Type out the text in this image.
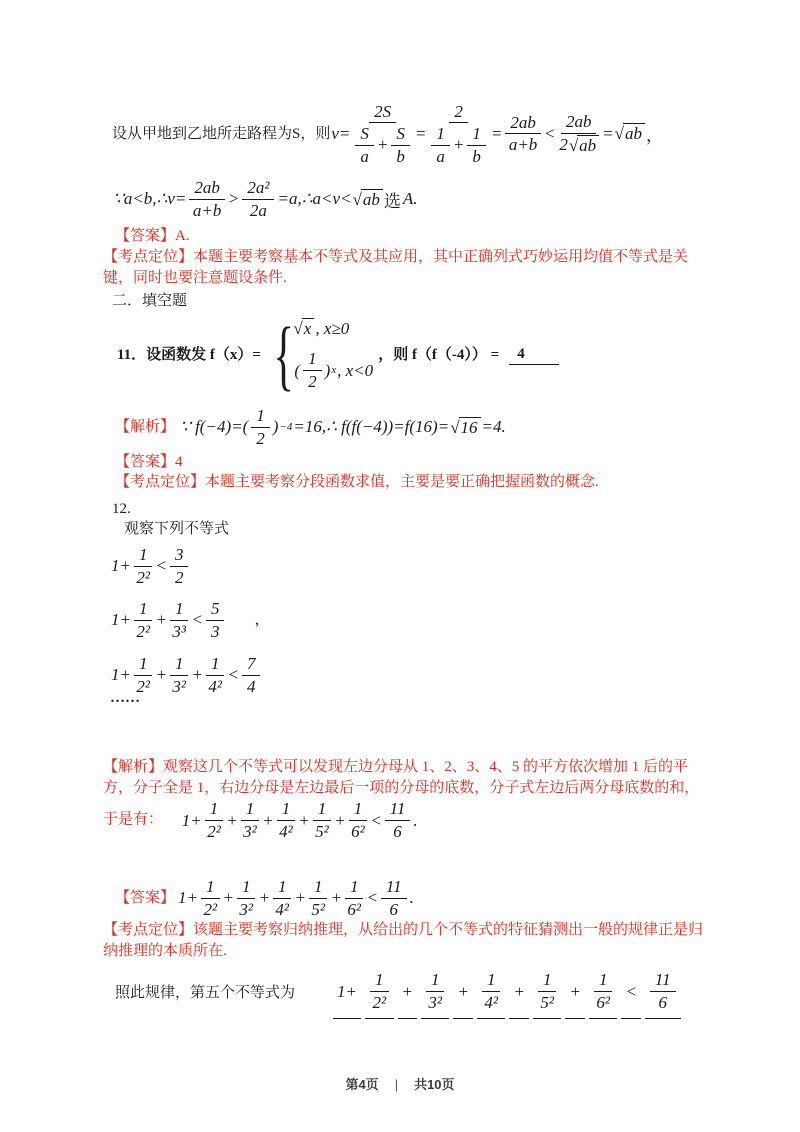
设从甲地到乙地所走路程为S，则 $v= \frac{2S}{\frac{S}{a} + \frac{S}{b}} = \frac{2}{\frac{1}{a} + \frac{1}{b}} = \frac{2ab}{a+b} < \frac{2ab}{2 √ ab}$ = √ ab ，
∵a<b,∴v= $\frac{2ab}{a+b} > \frac{\text{2a²}}{2a}$ =a,∴a<v< √ ab 选 A.
【答案】A.
【考点定位】本题主要考察基本不等式及其应用，其中正确列式巧妙运用均值不等式是关键，同时也要注意题设条件.
二．填空题
11．设函数发 f（x）= { √ x , x≥0
( $\frac{1}{2}$ ) x , x<0
，则 f（f（-4）） =	4
【解析】 ∵ $f(-4)=( \frac{1}{2}$ ) −4 =16,∴ f(f(−4))=f(16)= √ 16 =4.
【答案】4
【考点定位】本题主要考察分段函数求值，主要是要正确把握函数的概念.
12.
观察下列不等式
$1+ \frac{1}{\text{2²}} < \frac{3}{2}$
$1+ \frac{1}{\text{2²}} + \frac{1}{\text{3³}} < \frac{5}{3}$ ，
$1+ \frac{1}{\text{2²}} + \frac{1}{\text{3²}} + \frac{1}{\text{4²}} < \frac{7}{4}$
……
【解析】观察这几个不等式可以发现左边分母从 1、2、3、4、5 的平方依次增加 1 后的平方，分子全是 1，右边分母是左边最后一项的分母的底数，分子式左边后两分母底数的和，于是有： $1+ \frac{1}{\text{2²}} + \frac{1}{\text{3²}} + \frac{1}{\text{4²}} + \frac{1}{\text{5²}} + \frac{1}{\text{6²}} < \frac{11}{6}$ .
【答案】 $1+ \frac{1}{\text{2²}} + \frac{1}{\text{3²}} + \frac{1}{\text{4²}} + \frac{1}{\text{5²}} + \frac{1}{\text{6²}} < \frac{11}{6}$ .
【考点定位】该题主要考察归纳推理，从给出的几个不等式的特征猜测出一般的规律正是归纳推理的本质所在.
照此规律，第五个不等式为 $1+ \frac{1}{\text{2²}} + \frac{1}{\text{3²}} + \frac{1}{\text{4²}} + \frac{1}{\text{5²}} + \frac{1}{\text{6²}} < \frac{11}{6}$
第4页 | 共10页
